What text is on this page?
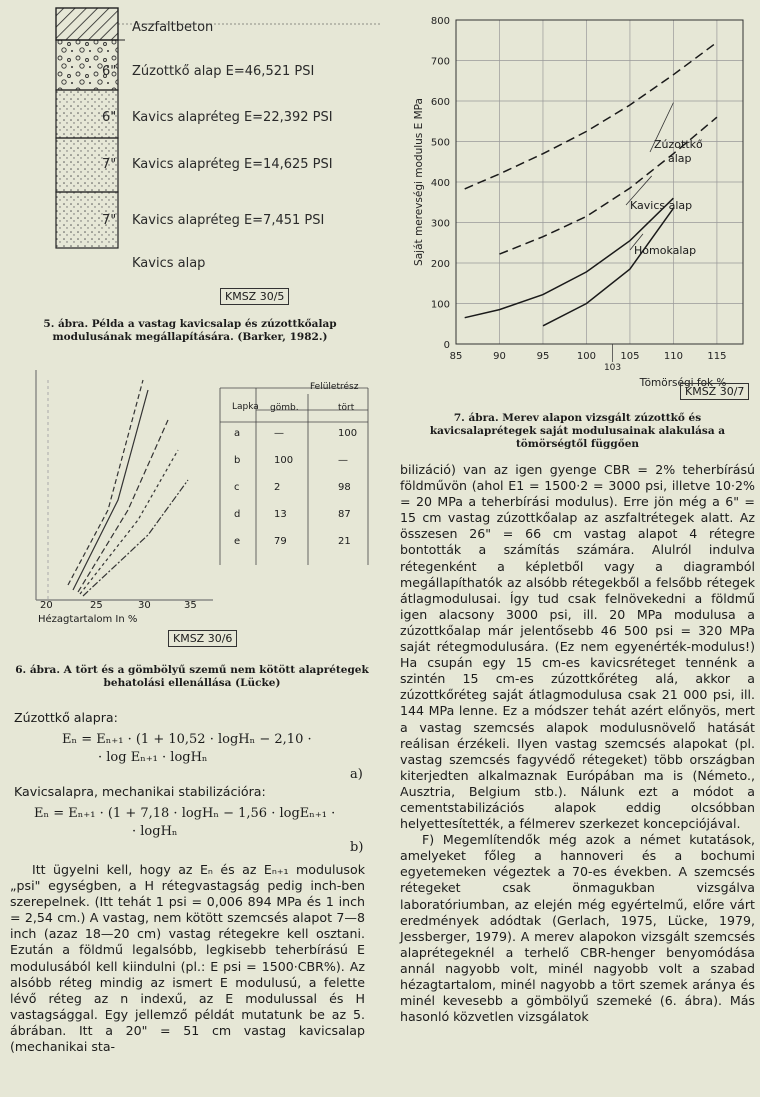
Aszfaltbeton
6" Zúzottkő alap E=46,521 PSI
6" Kavics alapréteg E=22,392 PSI
7" Kavics alapréteg E=14,625 PSI
7" Kavics alapréteg E=7,451 PSI
Kavics alap
KMSZ 30/5
5. ábra. Példa a vastag kavicsalap és zúzottkőalap modulusának megállapítására. (Barker, 1982.)
Lapka
Felületrész
gömb.	tört
20	25	30	35
Hézagtartalom In %
KMSZ 30/6
a	—	100
b	100	—
c	2	98
d	13	87
e	79	21
6. ábra. A tört és a gömbölyű szemű nem kötött alaprétegek behatolási ellenállása (Lücke)
0
100
200
300
400
500
600
700
800
85	90	95	100 105 110 115
103
Tömörségi fok %
Saját merevségi modulus E MPa	Zúzottkő
alap
Kavics alap
Homokalap
KMSZ 30/7
7. ábra. Merev alapon vizsgált zúzottkő és kavicsalaprétegek saját modulusainak alakulása a tömörségtől függően
Zúzottkő alapra:
Eₙ = Eₙ₊₁ · (1 + 10,52 · logHₙ − 2,10 ·
· log Eₙ₊₁ · logHₙ
a)
Kavicsalapra, mechanikai stabilizációra:
Eₙ = Eₙ₊₁ · (1 + 7,18 · logHₙ − 1,56 · logEₙ₊₁ ·
· logHₙ
b)

Itt ügyelni kell, hogy az Eₙ és az Eₙ₊₁ modulusok „psi" egységben, a H rétegvastagság pedig inch-ben szerepelnek. (Itt tehát 1 psi = 0,006 894 MPa és 1 inch = 2,54 cm.) A vastag, nem kötött szemcsés alapot 7—8 inch (azaz 18—20 cm) vastag rétegekre kell osztani. Ezután a földmű legalsóbb, legkisebb teherbírású E modulusából kell kiindulni (pl.: E psi = 1500·CBR%). Az alsóbb réteg mindig az ismert E modulusú, a felette lévő réteg az n indexű, az E modulussal és H vastagsággal. Egy jellemző példát mutatunk be az 5. ábrában. Itt a 20" = 51 cm vastag kavicsalap (mechanikai sta-

bilizáció) van az igen gyenge CBR = 2% teherbírású földművön (ahol E1 = 1500·2 = 3000 psi, illetve 10·2% = 20 MPa a teherbírási modulus). Erre jön még a 6" = 15 cm vastag zúzottkőalap az aszfaltrétegek alatt. Az összesen 26" = 66 cm vastag alapot 4 rétegre bontották a számítás számára. Alulról indulva rétegenként a képletből vagy a diagramból megállapíthatók az alsóbb rétegekből a felsőbb rétegek átlagmodulusai. Így tud csak felnövekedni a földmű igen alacsony 3000 psi, ill. 20 MPa modulusa a zúzottkőalap már jelentősebb 46 500 psi = 320 MPa saját rétegmodulusára. (Ez nem egyenérték-modulus!) Ha csupán egy 15 cm-es kavicsréteget tennénk a szintén 15 cm-es zúzottkőréteg alá, akkor a zúzottkőréteg saját átlagmodulusa csak 21 000 psi, ill. 144 MPa lenne. Ez a módszer tehát azért előnyös, mert a vastag szemcsés alapok modulusnövelő hatását reálisan érzékeli. Ilyen vastag szemcsés alapokat (pl. vastag szemcsés fagyvédő rétegeket) több országban kiterjedten alkalmaznak Európában ma is (Németo., Ausztria, Belgium stb.). Nálunk ezt a módot a cementstabilizációs alapok eddig olcsóbban helyettesítették, a félmerev szerkezet koncepciójával.

F) Megemlítendők még azok a német kutatások, amelyeket főleg a hannoveri és a bochumi egyetemeken végeztek a 70-es években. A szemcsés rétegeket csak önmagukban vizsgálva laboratóriumban, az elején még egyértelmű, előre várt eredmények adódtak (Gerlach, 1975, Lücke, 1979, Jessberger, 1979). A merev alapokon vizsgált szemcsés alaprétegeknél a terhelő CBR-henger benyomódása annál nagyobb volt, minél nagyobb volt a szabad hézagtartalom, minél nagyobb a tört szemek aránya és minél kevesebb a gömbölyű szemeké (6. ábra). Más hasonló közvetlen vizsgálatok
